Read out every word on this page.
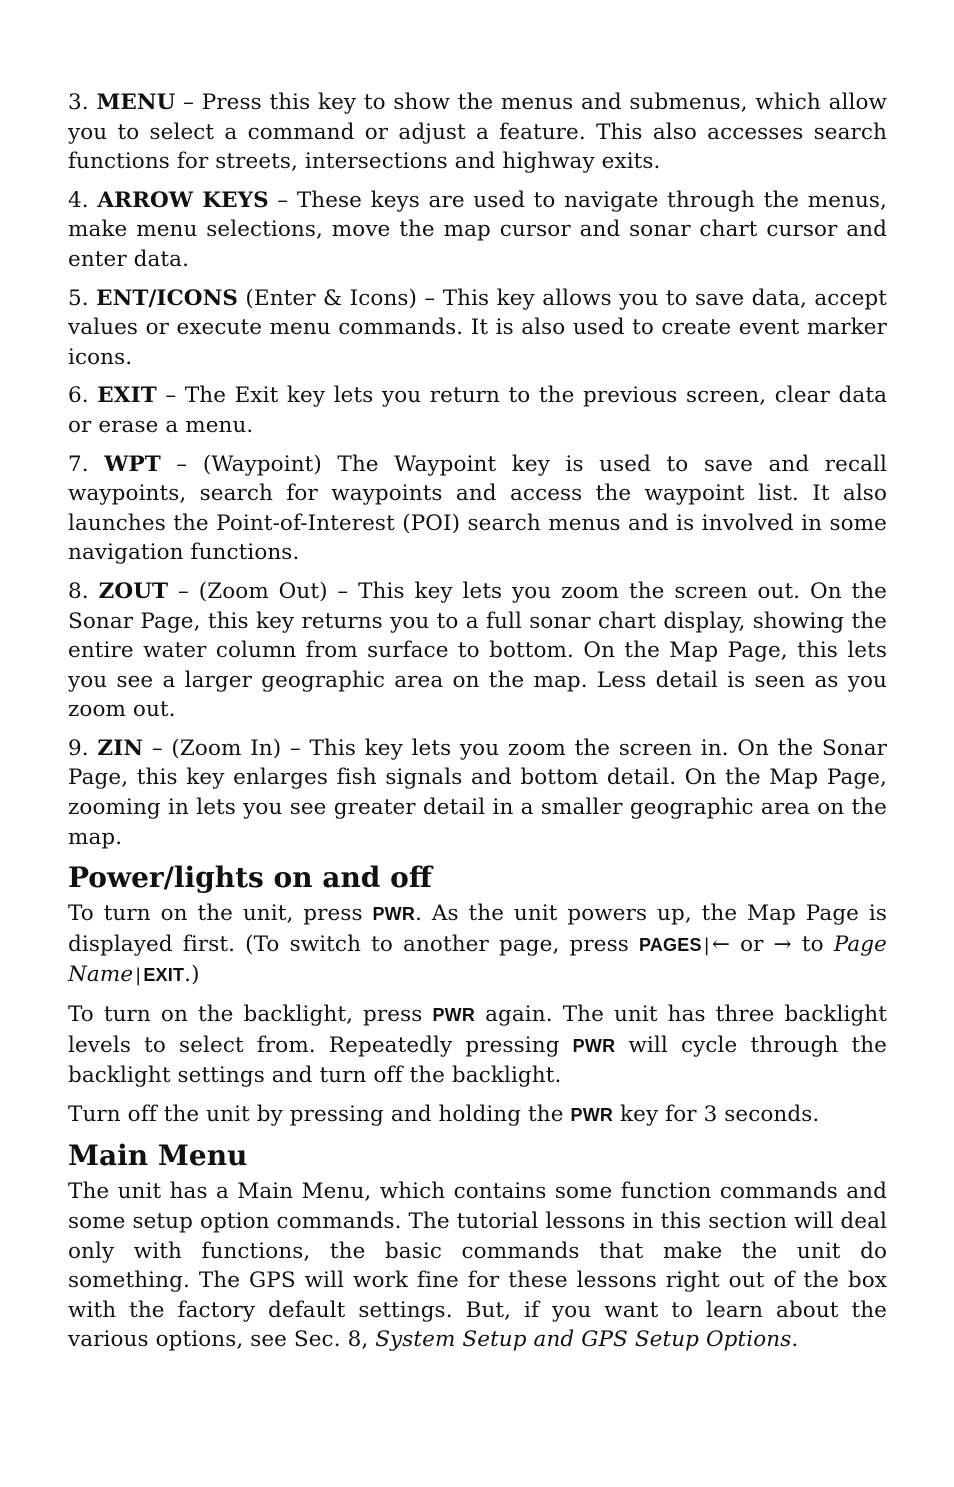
3. MENU – Press this key to show the menus and submenus, which allow you to select a command or adjust a feature. This also accesses search functions for streets, intersections and highway exits.

4. ARROW KEYS – These keys are used to navigate through the menus, make menu selections, move the map cursor and sonar chart cursor and enter data.

5. ENT/ICONS (Enter & Icons) – This key allows you to save data, accept values or execute menu commands. It is also used to create event marker icons.

6. EXIT – The Exit key lets you return to the previous screen, clear data or erase a menu.

7. WPT – (Waypoint) The Waypoint key is used to save and recall waypoints, search for waypoints and access the waypoint list. It also launches the Point-of-Interest (POI) search menus and is involved in some navigation functions.

8. ZOUT – (Zoom Out) – This key lets you zoom the screen out. On the Sonar Page, this key returns you to a full sonar chart display, showing the entire water column from surface to bottom. On the Map Page, this lets you see a larger geographic area on the map. Less detail is seen as you zoom out.

9. ZIN – (Zoom In) – This key lets you zoom the screen in. On the Sonar Page, this key enlarges fish signals and bottom detail. On the Map Page, zooming in lets you see greater detail in a smaller geographic area on the map.

Power/lights on and off

To turn on the unit, press PWR. As the unit powers up, the Map Page is displayed first. (To switch to another page, press PAGES |← or → to Page Name | EXIT.)

To turn on the backlight, press PWR again. The unit has three backlight levels to select from. Repeatedly pressing PWR will cycle through the backlight settings and turn off the backlight.

Turn off the unit by pressing and holding the PWR key for 3 seconds.

Main Menu

The unit has a Main Menu, which contains some function commands and some setup option commands. The tutorial lessons in this section will deal only with functions, the basic commands that make the unit do something. The GPS will work fine for these lessons right out of the box with the factory default settings. But, if you want to learn about the various options, see Sec. 8, System Setup and GPS Setup Options.
